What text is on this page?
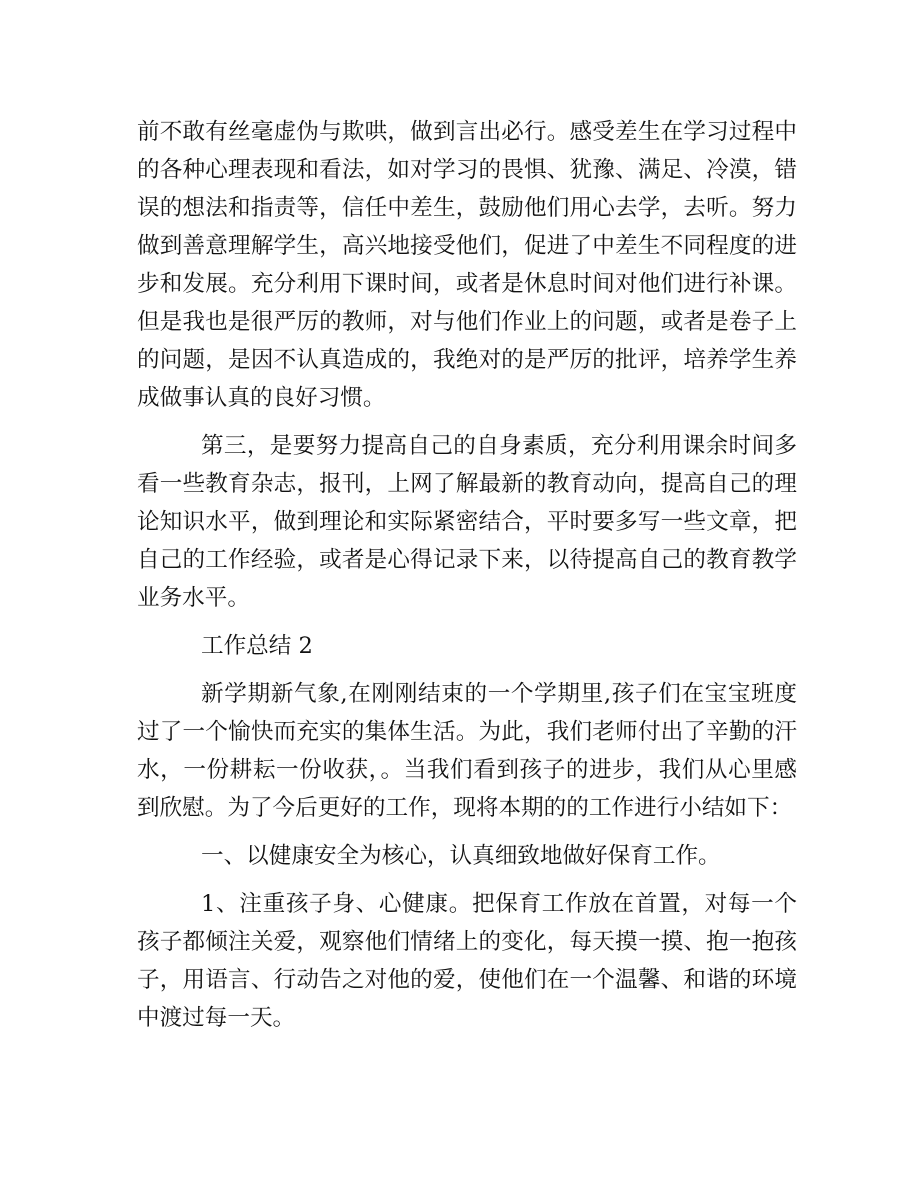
前不敢有丝毫虚伪与欺哄，做到言出必行。感受差生在学习过程中的各种心理表现和看法，如对学习的畏惧、犹豫、满足、冷漠，错误的想法和指责等，信任中差生，鼓励他们用心去学，去听。努力做到善意理解学生，高兴地接受他们，促进了中差生不同程度的进步和发展。充分利用下课时间，或者是休息时间对他们进行补课。但是我也是很严厉的教师，对与他们作业上的问题，或者是卷子上的问题，是因不认真造成的，我绝对的是严厉的批评，培养学生养成做事认真的良好习惯。

第三，是要努力提高自己的自身素质，充分利用课余时间多看一些教育杂志，报刊，上网了解最新的教育动向，提高自己的理论知识水平，做到理论和实际紧密结合，平时要多写一些文章，把自己的工作经验，或者是心得记录下来，以待提高自己的教育教学业务水平。

工作总结 2

新学期新气象,在刚刚结束的一个学期里,孩子们在宝宝班度过了一个愉快而充实的集体生活。为此，我们老师付出了辛勤的汗水，一份耕耘一份收获，。当我们看到孩子的进步，我们从心里感到欣慰。为了今后更好的工作，现将本期的的工作进行小结如下：

一、以健康安全为核心，认真细致地做好保育工作。

1、注重孩子身、心健康。把保育工作放在首置，对每一个孩子都倾注关爱，观察他们情绪上的变化，每天摸一摸、抱一抱孩子，用语言、行动告之对他的爱，使他们在一个温馨、和谐的环境中渡过每一天。
